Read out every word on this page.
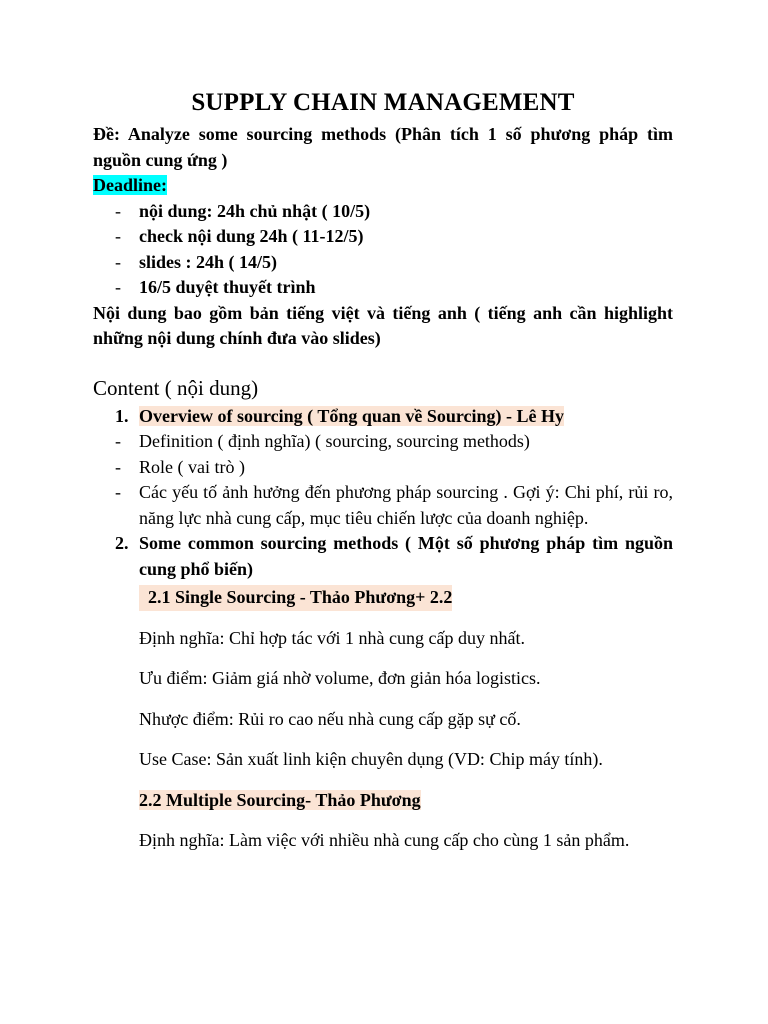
SUPPLY CHAIN MANAGEMENT
Đề: Analyze some sourcing methods (Phân tích 1 số phương pháp tìm nguồn cung ứng )
Deadline:
- nội dung: 24h chủ nhật ( 10/5)
- check nội dung 24h ( 11-12/5)
- slides : 24h ( 14/5)
- 16/5 duyệt thuyết trình
Nội dung bao gồm bản tiếng việt và tiếng anh ( tiếng anh cần highlight những nội dung chính đưa vào slides)
Content ( nội dung)
1. Overview of sourcing ( Tổng quan về Sourcing) - Lê Hy
- Definition ( định nghĩa) ( sourcing, sourcing methods)
- Role ( vai trò )
- Các yếu tố ảnh hưởng đến phương pháp sourcing . Gợi ý: Chi phí, rủi ro, năng lực nhà cung cấp, mục tiêu chiến lược của doanh nghiệp.
2. Some common sourcing methods ( Một số phương pháp tìm nguồn cung phổ biến)
2.1 Single Sourcing - Thảo Phương+ 2.2
Định nghĩa: Chỉ hợp tác với 1 nhà cung cấp duy nhất.
Ưu điểm: Giảm giá nhờ volume, đơn giản hóa logistics.
Nhược điểm: Rủi ro cao nếu nhà cung cấp gặp sự cố.
Use Case: Sản xuất linh kiện chuyên dụng (VD: Chip máy tính).
2.2 Multiple Sourcing- Thảo Phương
Định nghĩa: Làm việc với nhiều nhà cung cấp cho cùng 1 sản phẩm.
